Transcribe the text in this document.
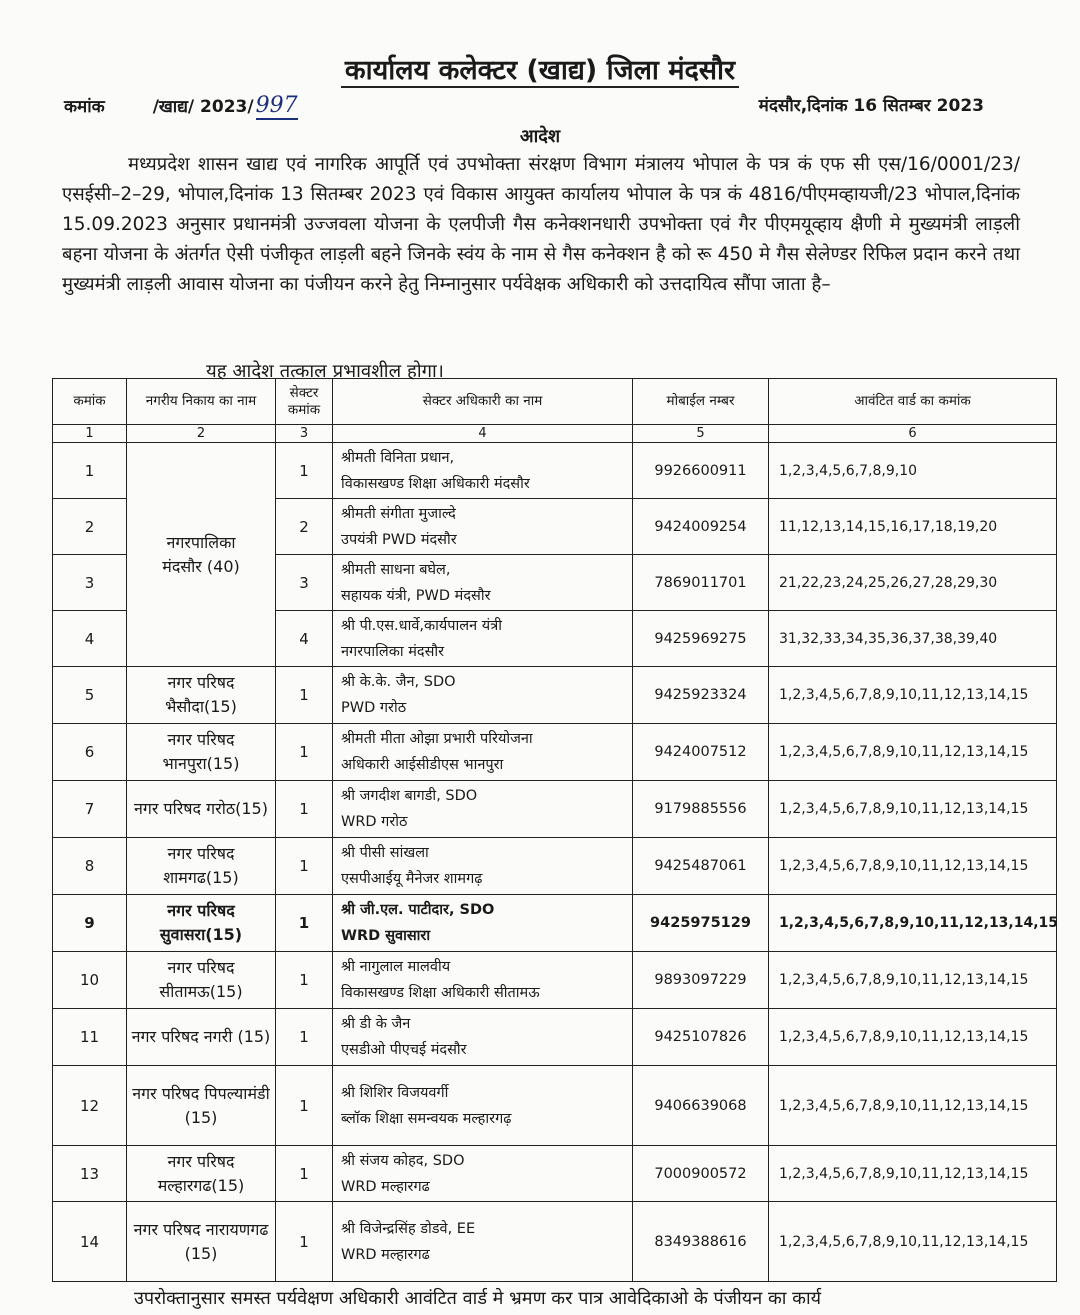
कार्यालय कलेक्टर (खाद्य) जिला मंदसौर
कमांक	/खाद्य/ 2023/997	मंदसौर,दिनांक 16 सितम्बर 2023
आदेश

मध्यप्रदेश शासन खाद्य एवं नागरिक आपूर्ति एवं उपभोक्ता संरक्षण विभाग मंत्रालय भोपाल के पत्र कं एफ सी एस/16/0001/23/एसईसी–2–29, भोपाल,दिनांक 13 सितम्बर 2023 एवं विकास आयुक्त कार्यालय भोपाल के पत्र कं 4816/पीएमव्हायजी/23 भोपाल,दिनांक 15.09.2023 अनुसार प्रधानमंत्री उज्जवला योजना के एलपीजी गैस कनेक्शनधारी उपभोक्ता एवं गैर पीएमयूव्हाय क्षैणी मे मुख्यमंत्री लाड़ली बहना योजना के अंतर्गत ऐसी पंजीकृत लाड़ली बहने जिनके स्वंय के नाम से गैस कनेक्शन है को रू 450 मे गैस सेलेण्डर रिफिल प्रदान करने तथा मुख्यमंत्री लाड़ली आवास योजना का पंजीयन करने हेतु निम्नानुसार पर्यवेक्षक अधिकारी को उत्तदायित्व सौंपा जाता है–

यह आदेश तत्काल प्रभावशील होगा।
कमांक	नगरीय निकाय का नाम	सेक्टर कमांक	सेक्टर अधिकारी का नाम	मोबाईल नम्बर	आवंटित वार्ड का कमांक
1	2	3	4	5	6
1	नगरपालिका मंदसौर (40)	1	श्रीमती विनिता प्रधान,
विकासखण्ड शिक्षा अधिकारी मंदसौर	9926600911	1,2,3,4,5,6,7,8,9,10
2		2	श्रीमती संगीता मुजाल्दे
उपयंत्री PWD मंदसौर	9424009254	11,12,13,14,15,16,17,18,19,20
3		3	श्रीमती साधना बघेल,
सहायक यंत्री, PWD मंदसौर	7869011701	21,22,23,24,25,26,27,28,29,30
4		4	श्री पी.एस.धार्वे,कार्यपालन यंत्री
नगरपालिका मंदसौर	9425969275	31,32,33,34,35,36,37,38,39,40
5	नगर परिषद भैसौदा(15)	1	श्री के.के. जैन, SDO
PWD गरोठ	9425923324	1,2,3,4,5,6,7,8,9,10,11,12,13,14,15
6	नगर परिषद भानपुरा(15)	1	श्रीमती मीता ओझा प्रभारी परियोजना
अधिकारी आईसीडीएस भानपुरा	9424007512	1,2,3,4,5,6,7,8,9,10,11,12,13,14,15
7	नगर परिषद गरोठ(15)	1	श्री जगदीश बागडी, SDO
WRD गरोठ	9179885556	1,2,3,4,5,6,7,8,9,10,11,12,13,14,15
8	नगर परिषद शामगढ(15)	1	श्री पीसी सांखला
एसपीआईयू मैनेजर शामगढ़	9425487061	1,2,3,4,5,6,7,8,9,10,11,12,13,14,15
9	नगर परिषद सुवासरा(15)	1	श्री जी.एल. पाटीदार, SDO
WRD सुवासारा	9425975129	1,2,3,4,5,6,7,8,9,10,11,12,13,14,15
10	नगर परिषद सीतामऊ(15)	1	श्री नागुलाल मालवीय
विकासखण्ड शिक्षा अधिकारी सीतामऊ	9893097229	1,2,3,4,5,6,7,8,9,10,11,12,13,14,15
11	नगर परिषद नगरी (15)	1	श्री डी के जैन
एसडीओ पीएचई मंदसौर	9425107826	1,2,3,4,5,6,7,8,9,10,11,12,13,14,15
12	नगर परिषद पिपल्यामंडी (15)	1	श्री शिशिर विजयवर्गी
ब्लॉक शिक्षा समन्वयक मल्हारगढ़	9406639068	1,2,3,4,5,6,7,8,9,10,11,12,13,14,15
13	नगर परिषद मल्हारगढ(15)	1	श्री संजय कोहद, SDO
WRD मल्हारगढ	7000900572	1,2,3,4,5,6,7,8,9,10,11,12,13,14,15
14	नगर परिषद नारायणगढ (15)	1	श्री विजेन्द्रसिंह डोडवे, EE
WRD मल्हारगढ	8349388616	1,2,3,4,5,6,7,8,9,10,11,12,13,14,15
उपरोक्तानुसार समस्त पर्यवेक्षण अधिकारी आवंटित वार्ड मे भ्रमण कर पात्र आवेदिकाओ के पंजीयन का कार्य
